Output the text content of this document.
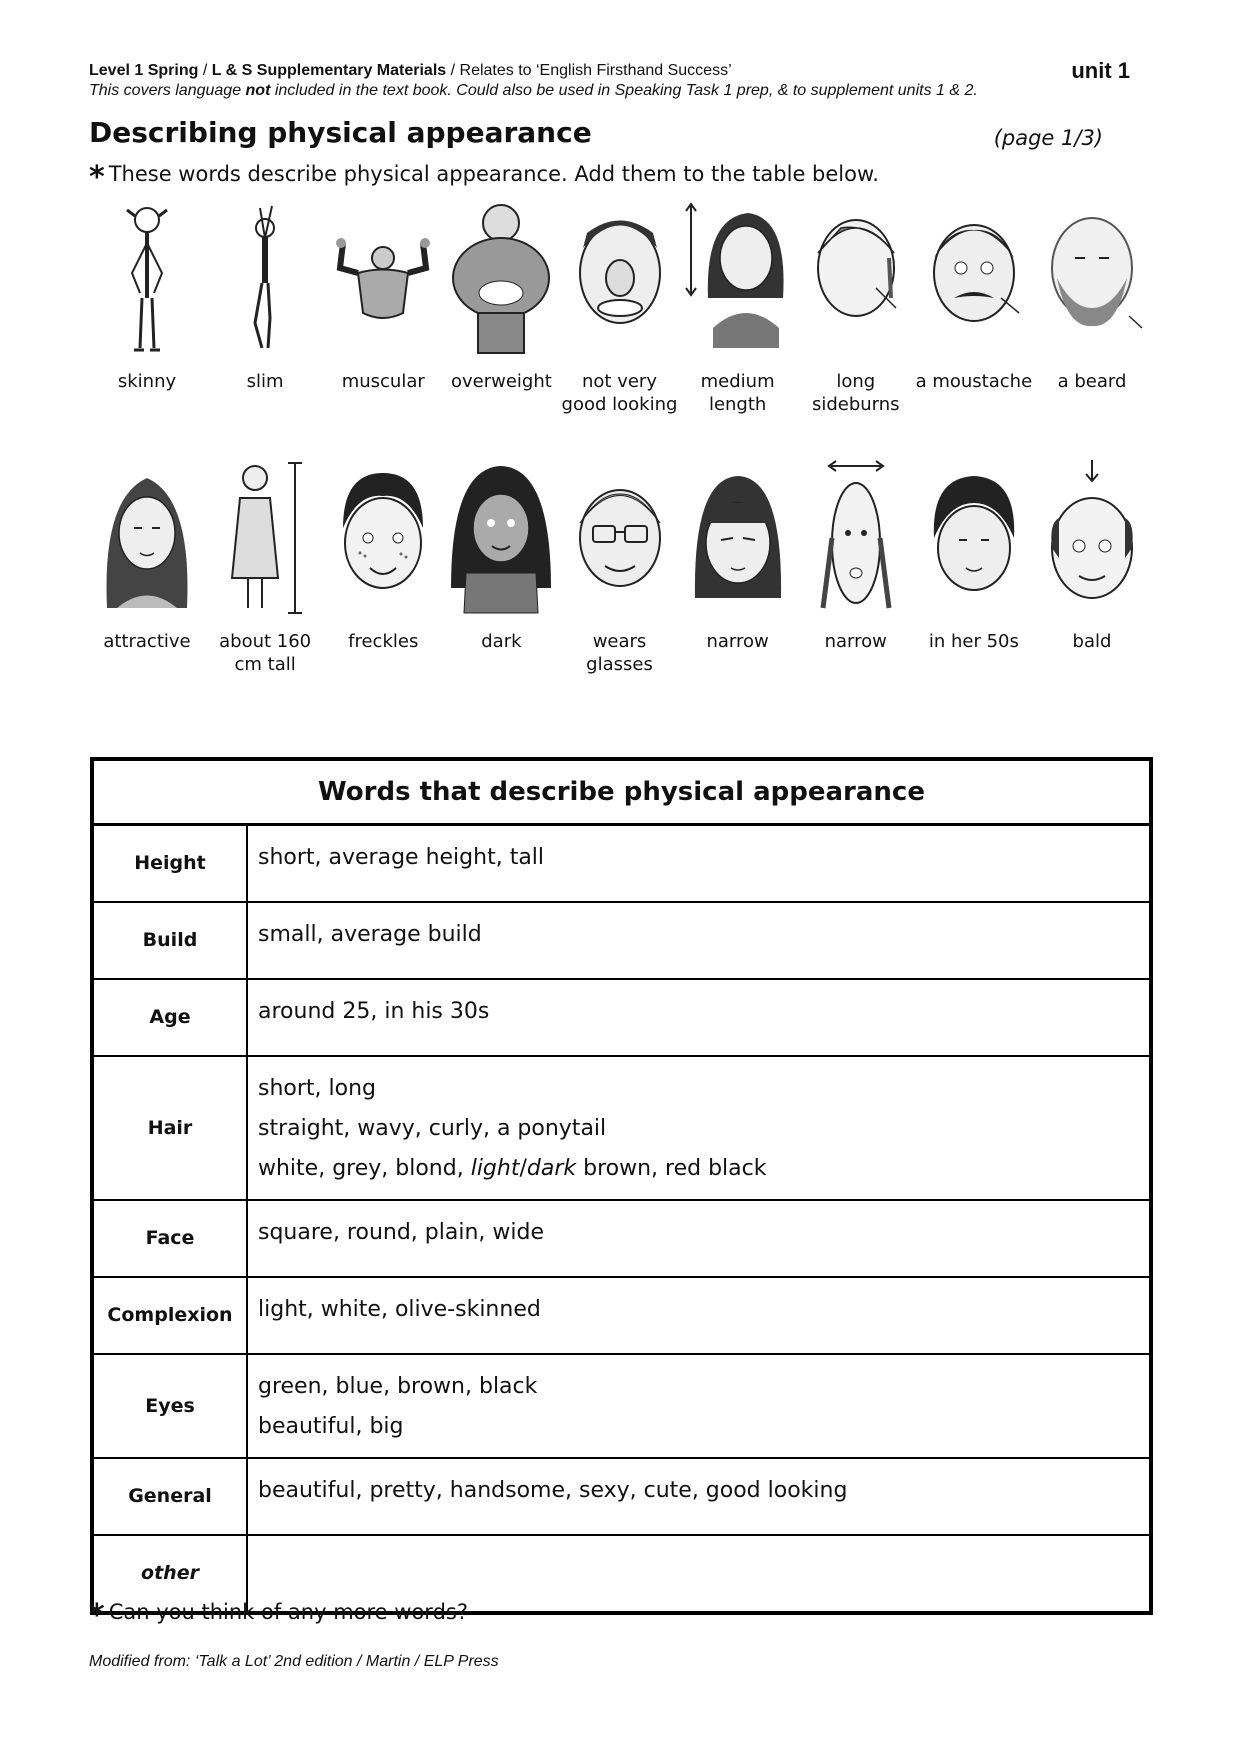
Level 1 Spring / L & S Supplementary Materials / Relates to ‘English Firsthand Success’
This covers language not included in the text book. Could also be used in Speaking Task 1 prep, & to supplement units 1 & 2.
unit 1
Describing physical appearance	(page 1/3)
* These words describe physical appearance. Add them to the table below.
skinny	slim	muscular	overweight	not very good looking
medium length
long sideburns
a moustache	a beard
attractive	about 160 cm tall
freckles	dark	wears glasses
narrow	narrow	in her 50s	bald
Words that describe physical appearance	
Height	short, average height, tall

Build	small, average build

Age	around 25, in his 30s

Hair	short, long
straight, wavy, curly, a ponytail
white, grey, blond, light/dark brown, red black

Face	square, round, plain, wide

Complexion	light, white, olive-skinned

Eyes	green, blue, brown, black
beautiful, big

General	beautiful, pretty, handsome, sexy, cute, good looking

other	
* Can you think of any more words?
Modified from: ‘Talk a Lot’ 2nd edition / Martin / ELP Press
